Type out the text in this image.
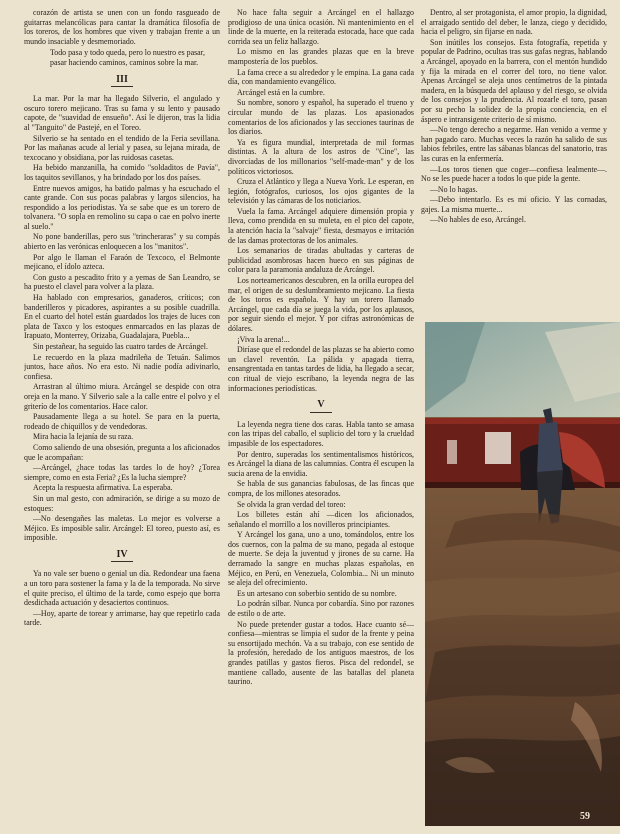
corazón de artista se unen con un fondo rasgueado de guitarras melancólicas para cantar la dramática filosofía de los toreros, de los hombres que viven y trabajan frente a un mundo insaciable y desmemoriado.

Todo pasa y todo queda, pero lo nuestro es pasar, pasar haciendo caminos, caminos sobre la mar.

III

La mar. Por la mar ha llegado Silverio, el angulado y oscuro torero mejicano. Tras su fama y su lento y pausado capote, de "suavidad de ensueño". Así le dijeron, tras la lidia al "Tanguito" de Pastejé, en el Toreo.

Silverio se ha sentado en el tendido de la Feria sevillana. Por las mañanas acude al lerial y pasea, su lejana mirada, de texcocano y obsidiana, por las ruidosas casetas.

Ha bebido manzanilla, ha comido "soldaditos de Pavía", los taquitos sevillanos, y ha brindado por los dos países.

Entre nuevos amigos, ha batido palmas y ha escuchado el cante grande. Con sus pocas palabras y largos silencios, ha respondido a los periodistas. Ya se sabe que es un torero de tolvanera. "O sopla en remolino su capa o cae en polvo inerte al suelo."

No pone banderillas, pero sus "trincheraras" y su compás abierto en las verónicas enloquecen a los "manitos".

Por algo le llaman el Faraón de Texcoco, el Belmonte mejicano, el ídolo azteca.

Con gusto a pescadito frito y a yemas de San Leandro, se ha puesto el clavel para volver a la plaza.

Ha hablado con empresarios, ganaderos, críticos; con banderilleros y picadores, aspirantes a su posible cuadrilla. En el cuarto del hotel están guardados los trajes de luces con plata de Taxco y los estoques enmarcados en las plazas de Irapuato, Monterrey, Orizaba, Guadalajara, Puebla...

Sin pestañear, ha seguido las cuatro tardes de Arcángel.

Le recuerdo en la plaza madrileña de Tetuán. Salimos juntos, hace años. No era esto. Ni nadie podía adivinarlo, confiesa.

Arrastran al último miura. Arcángel se despide con otra oreja en la mano. Y Silverio sale a la calle entre el polvo y el griterío de los comentarios. Hace calor.

Pausadamente llega a su hotel. Se para en la puerta, rodeado de chiquillos y de vendedoras.

Mira hacia la lejanía de su raza.

Como saliendo de una obsesión, pregunta a los aficionados que le acompañan:

—Arcángel, ¿hace todas las tardes lo de hoy? ¿Torea siempre, como en esta Feria? ¿Es la lucha siempre?

Acepta la respuesta afirmativa. La esperaba.

Sin un mal gesto, con admiración, se dirige a su mozo de estoques:

—No desengañes las maletas. Lo mejor es volverse a Méjico. Es imposible salir. Arcángel: El toreo, puesto así, es imposible.

IV

Ya no vale ser bueno o genial un día. Redondear una faena a un toro para sostener la fama y la de la temporada. No sirve el quite preciso, el último de la tarde, como espejo que borra desdichada actuación y desaciertos continuos.

—Hoy, aparte de torear y arrimarse, hay que repetirlo cada tarde.

No hace falta seguir a Arcángel en el hallazgo prodigioso de una única ocasión. Ni mantenimiento en el linde de la muerte, en la reiterada estocada, hace que cada corrida sea un feliz hallazgo.

Lo mismo en las grandes plazas que en la breve mampostería de los pueblos.

La fama crece a su alrededor y le empina. La gana cada día, con mandamiento evangélico.

Arcángel está en la cumbre.

Su nombre, sonoro y español, ha superado el trueno y circular mundo de las plazas. Los apasionados comentarios de los aficionados y las secciones taurinas de los diarios.

Ya es figura mundial, interpretada de mil formas distintas. A la altura de los astros de "Cine", las divorciadas de los millonarios "self-made-man" y de los políticos victoriosos.

Cruza el Atlántico y llega a Nueva York. Le esperan, en legión, fotógrafos, curiosos, los ojos gigantes de la televisión y las cámaras de los noticiarios.

Vuela la fama. Arcángel adquiere dimensión propia y lleva, como prendida en su muleta, en el pico del capote, la atención hacia la "salvaje" fiesta, desmayos e irritación de las damas protectoras de los animales.

Los semanarios de tiradas abultadas y carteras de publicidad asombrosas hacen hueco en sus páginas de color para la paramonia andaluza de Arcángel.

Los norteamericanos descubren, en la orilla europea del mar, el origen de su deslumbramiento mejicano. La fiesta de los toros es española. Y hay un torero llamado Arcángel, que cada día se juega la vida, por los aplausos, por seguir siendo el mejor. Y por cifras astronómicas de dólares.

¡Viva la arena!...

Diríase que el redondel de las plazas se ha abierto como un clavel reventón. La pálida y apagada tierra, ensangrentada en tantas tardes de lidia, ha llegado a secar, con ritual de viejo escribano, la leyenda negra de las informaciones periodísticas.

V

La leyenda negra tiene dos caras. Habla tanto se amasa con las tripas del caballo, el suplicio del toro y la crueldad impasible de los espectadores.

Por dentro, superadas los sentimentalismos históricos, es Arcángel la diana de las calumnias. Contra él escupen la sucia arena de la envidia.

Se habla de sus ganancias fabulosas, de las fincas que compra, de los millones atesorados.

Se olvida la gran verdad del toreo:

Los billetes están ahí —dicen los aficionados, señalando el morrillo a los novilleros principiantes.

Y Arcángel los gana, uno a uno, tomándolos, entre los dos cuernos, con la palma de su mano, pegada al estoque de muerte. Se deja la juventud y jirones de su carne. Ha derramado la sangre en muchas plazas españolas, en Méjico, en Perú, en Venezuela, Colombia... Ni un minuto se aleja del ofrecimiento.

Es un artesano con soberbio sentido de su nombre.

Lo podrán silbar. Nunca por cobardía. Sino por razones de estilo o de arte.

No puede pretender gustar a todos. Hace cuanto sé—confiesa—mientras se limpia el sudor de la frente y peina su ensortijado mechón. Va a su trabajo, con ese sentido de la profesión, heredado de los antiguos maestros, de los grandes patillas y gastos fieros. Pisca del redondel, se mantiene callado, ausente de las batallas del planeta taurino.

Dentro, al ser protagonista, el amor propio, la dignidad, el arraigado sentido del deber, le lanza, ciego y decidido, hacia el peligro, sin fijarse en nada.

Son inútiles los consejos. Esta fotografía, repetida y popular de Padrino, ocultas tras sus gafas negras, hablando a Arcángel, apoyado en la barrera, con el mentón hundido y fija la mirada en el correr del toro, no tiene valor. Apenas Arcángel se aleja unos centímetros de la pintada madera, en la búsqueda del aplauso y del riesgo, se olvida de los consejos y la prudencia. Al rozarle el toro, pasan por su pecho la solidez de la propia conciencia, en el áspero e intransigente criterio de sí mismo.

—No tengo derecho a negarme. Han venido a verme y han pagado caro. Muchas veces la razón ha salido de sus labios febriles, entre las sábanas blancas del sanatorio, tras las curas en la enfermería.

—Los toros tienen que coger—confiesa lealmente—. No se les puede hacer a todos lo que pide la gente.

—No lo hagas.

—Debo intentarlo. Es es mi oficio. Y las cornadas, gajes. La misma muerte...

—No hables de eso, Arcángel.

59
